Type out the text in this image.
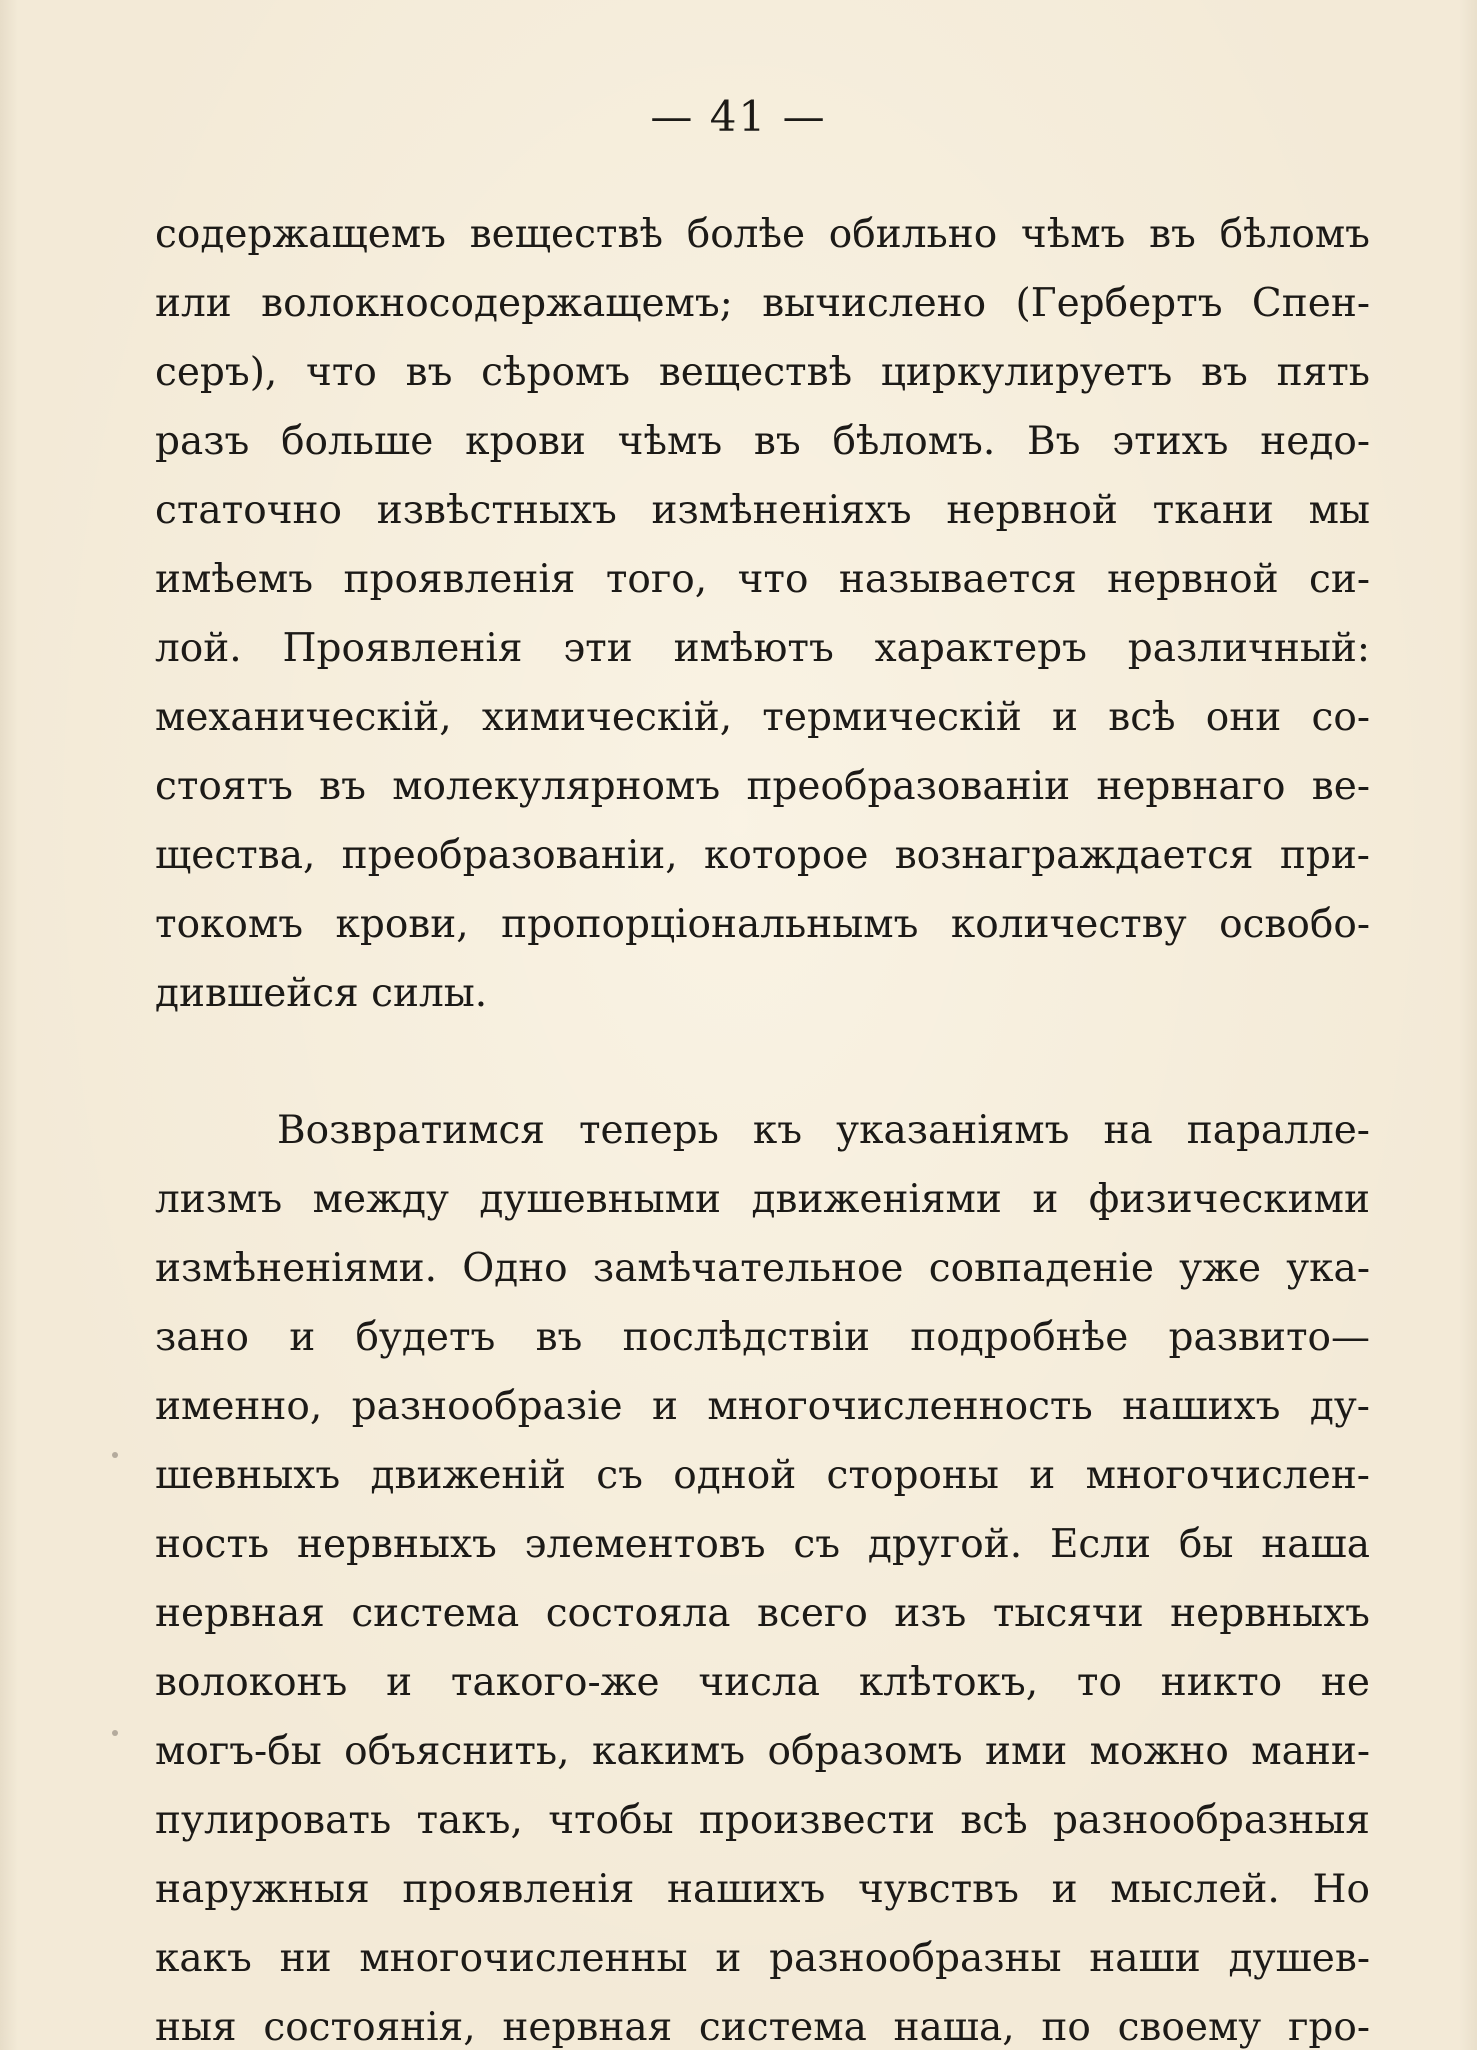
— 41 —
содержащемъ веществѣ болѣе обильно чѣмъ въ бѣломъ
или волокносодержащемъ; вычислено (Гербертъ Спен-
серъ), что въ сѣромъ веществѣ циркулируетъ въ пять
разъ больше крови чѣмъ въ бѣломъ. Въ этихъ недо-
статочно извѣстныхъ измѣненіяхъ нервной ткани мы
имѣемъ проявленія того, что называется нервной си-
лой. Проявленія эти имѣютъ характеръ различный:
механическій, химическій, термическій и всѣ они со-
стоятъ въ молекулярномъ преобразованіи нервнаго ве-
щества, преобразованіи, которое вознаграждается при-
токомъ крови, пропорціональнымъ количеству освобо-
дившейся силы.
Возвратимся теперь къ указаніямъ на паралле-
лизмъ между душевными движеніями и физическими
измѣненіями. Одно замѣчательное совпаденіе уже ука-
зано и будетъ въ послѣдствіи подробнѣе развито—
именно, разнообразіе и многочисленность нашихъ ду-
шевныхъ движеній съ одной стороны и многочислен-
ность нервныхъ элементовъ съ другой. Если бы наша
нервная система состояла всего изъ тысячи нервныхъ
волоконъ и такого-же числа клѣтокъ, то никто не
могъ-бы объяснить, какимъ образомъ ими можно мани-
пулировать такъ, чтобы произвести всѣ разнообразныя
наружныя проявленія нашихъ чувствъ и мыслей. Но
какъ ни многочисленны и разнообразны наши душев-
ныя состоянія, нервная система наша, по своему гро-
